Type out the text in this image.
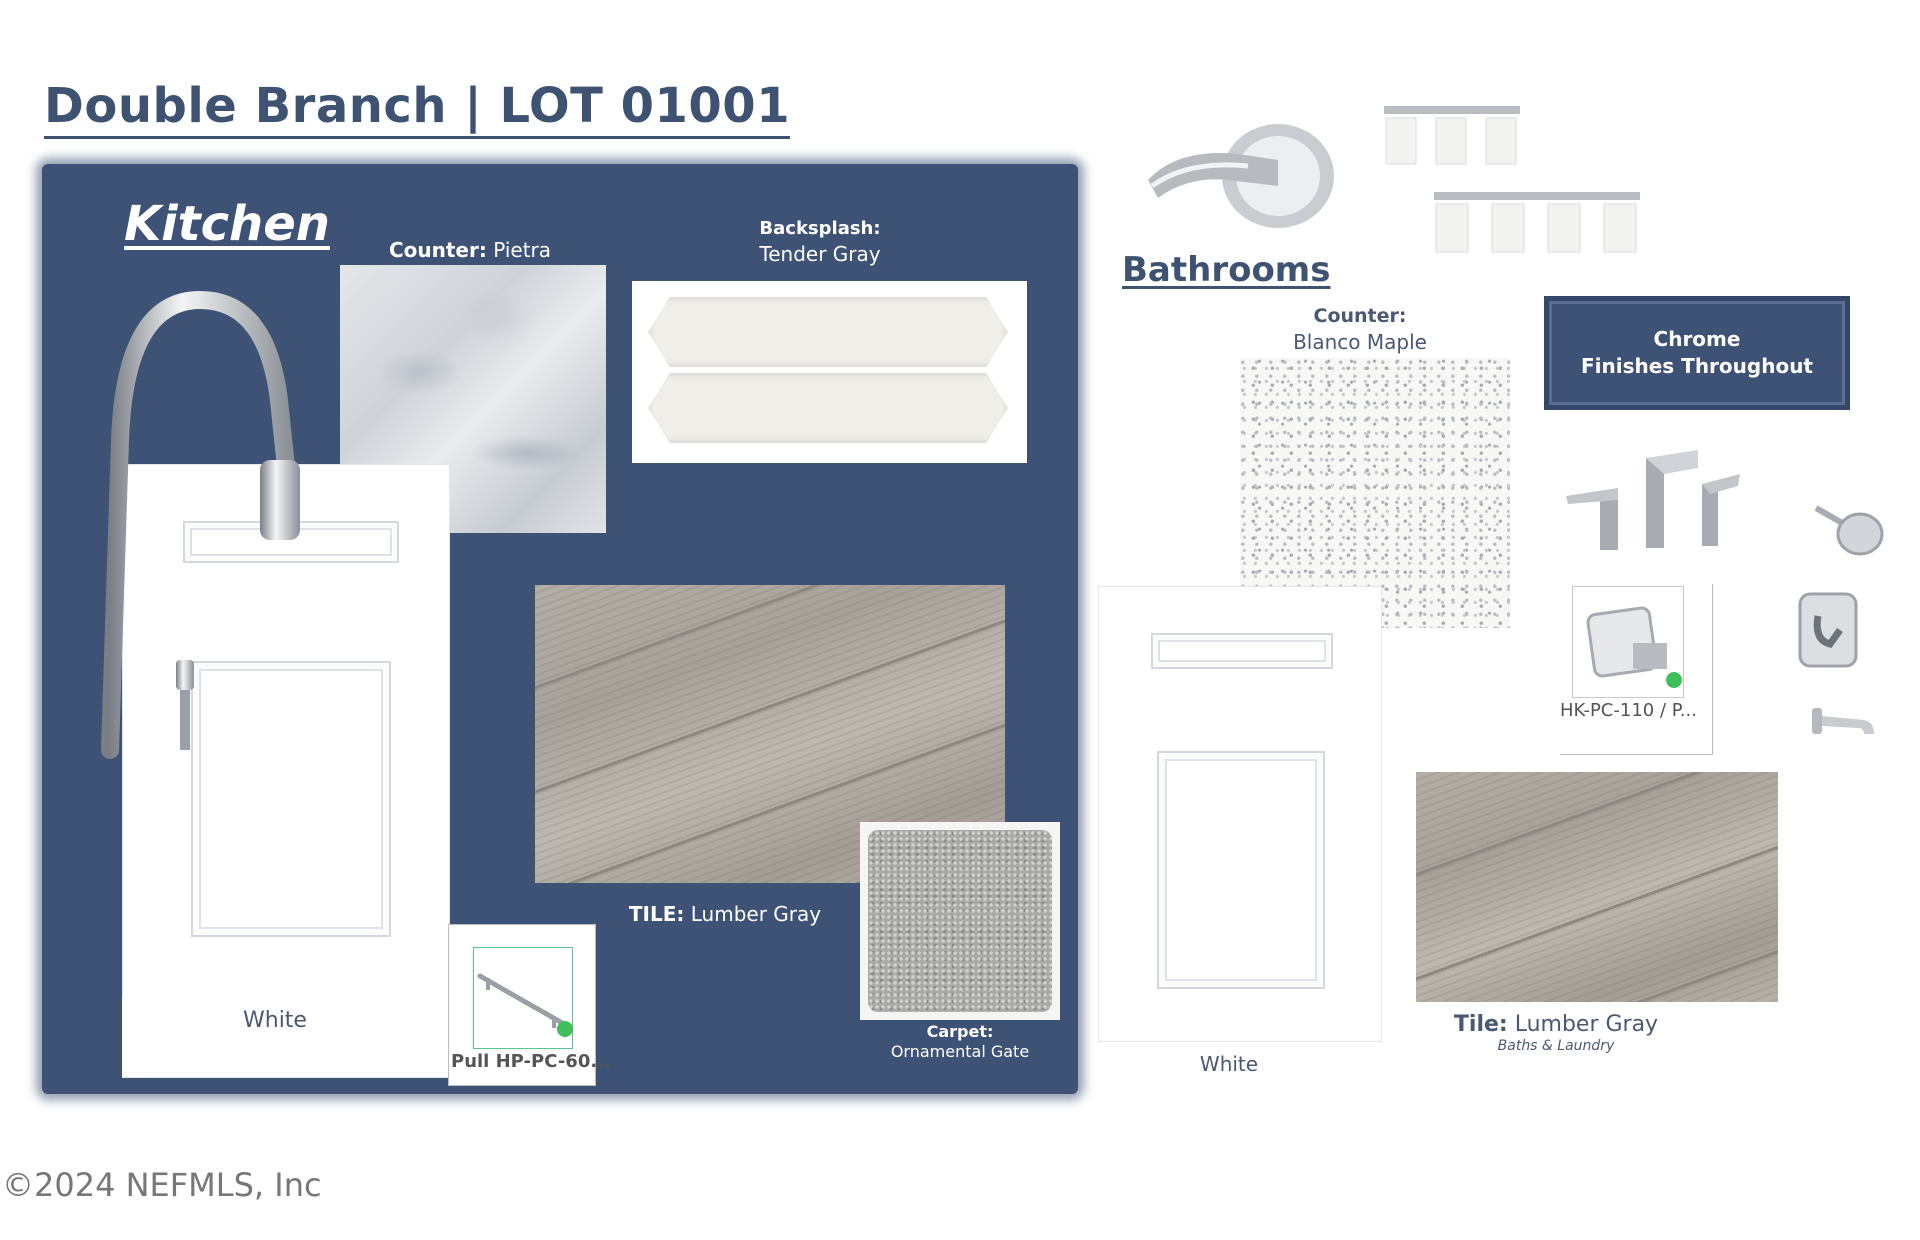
Double Branch | LOT 01001
Kitchen	Counter: Pietra
Backsplash:
Tender Gray
White
Pull HP-PC-60...
TILE: Lumber Gray
Carpet:
Ornamental Gate
Bathrooms
Counter:
Blanco Maple	Chrome
Finishes Throughout
HK-PC-110 / P...
White
Tile: Lumber Gray
Baths & Laundry
©2024 NEFMLS, Inc
